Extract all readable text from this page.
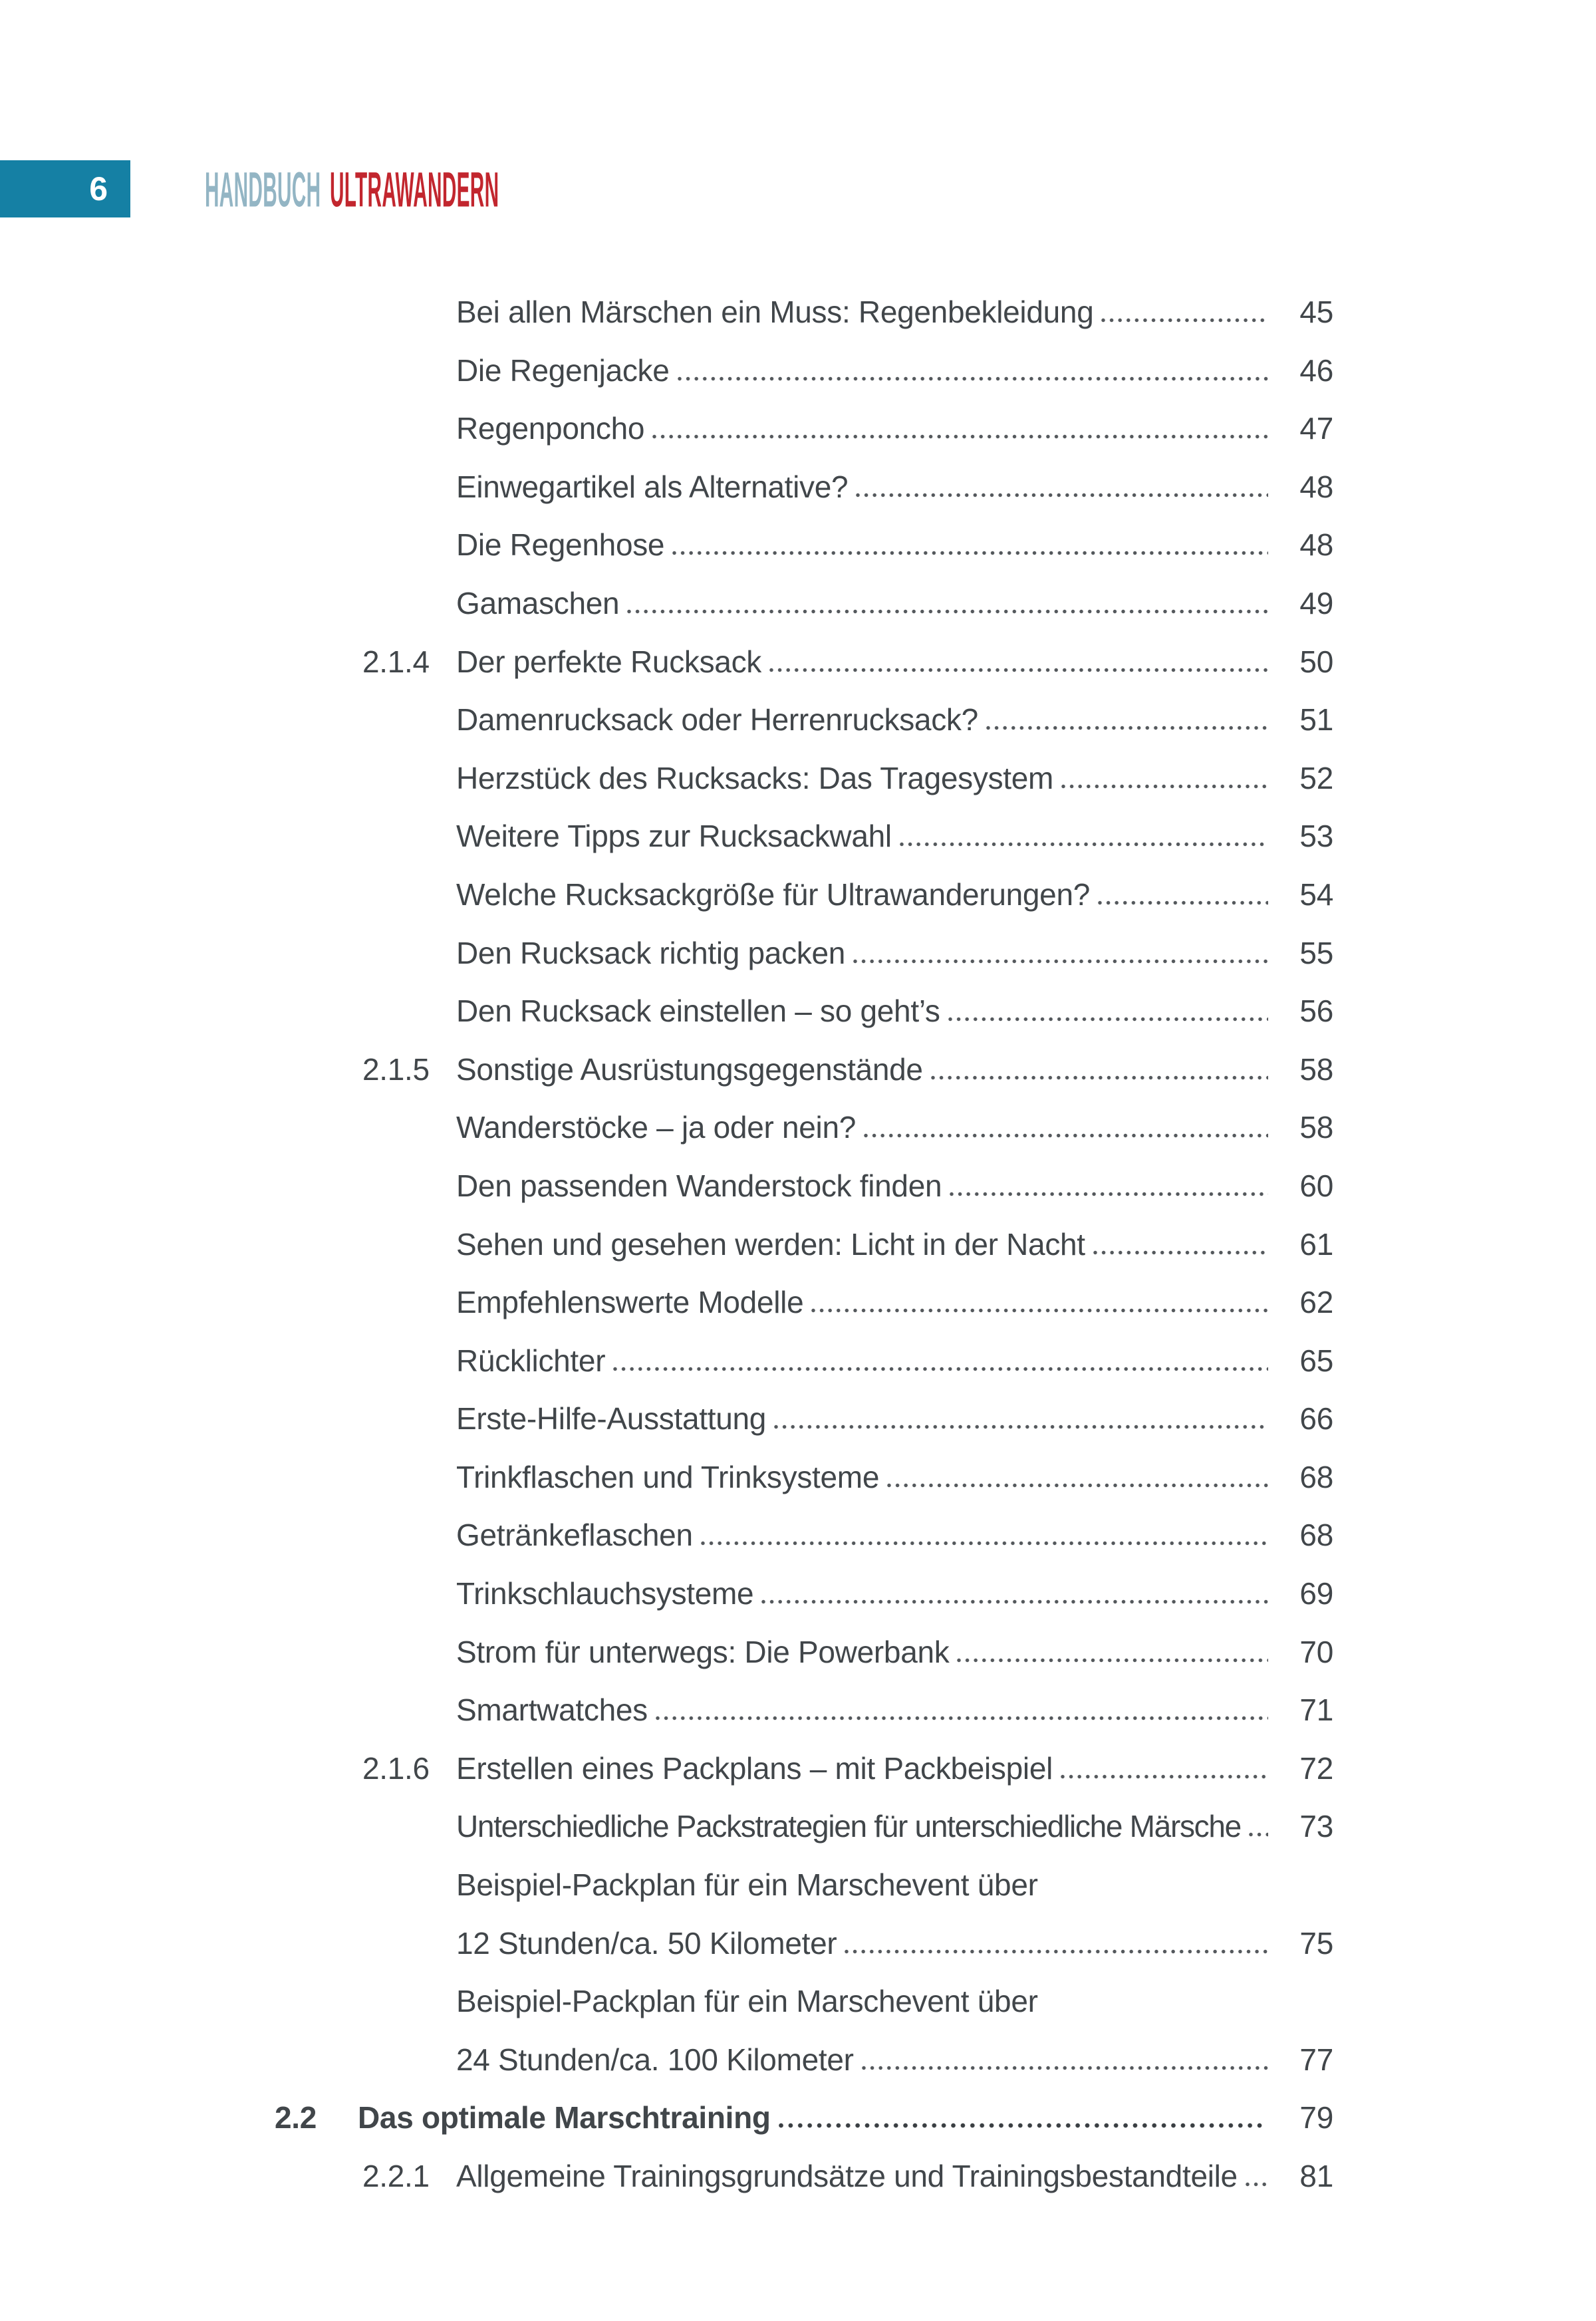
6	HANDBUCH ULTRAWANDERN
Bei allen Märschen ein Muss: Regenbekleidung	45
Die Regenjacke	46
Regenponcho	47
Einwegartikel als Alternative?	48
Die Regenhose	48
Gamaschen	49
2.1.4 Der perfekte Rucksack	50
Damenrucksack oder Herrenrucksack?	51
Herzstück des Rucksacks: Das Tragesystem	52
Weitere Tipps zur Rucksackwahl	53
Welche Rucksackgröße für Ultrawanderungen?	54
Den Rucksack richtig packen	55
Den Rucksack einstellen – so geht’s	56
2.1.5 Sonstige Ausrüstungsgegenstände	58
Wanderstöcke – ja oder nein?	58
Den passenden Wanderstock finden	60
Sehen und gesehen werden: Licht in der Nacht	61
Empfehlenswerte Modelle	62
Rücklichter	65
Erste-Hilfe-Ausstattung	66
Trinkflaschen und Trinksysteme	68
Getränkeflaschen	68
Trinkschlauchsysteme	69
Strom für unterwegs: Die Powerbank	70
Smartwatches	71
2.1.6 Erstellen eines Packplans – mit Packbeispiel	72
Unterschiedliche Packstrategien für unterschiedliche Märsche	73
Beispiel-Packplan für ein Marschevent über
12 Stunden/ca. 50 Kilometer	75
Beispiel-Packplan für ein Marschevent über
24 Stunden/ca. 100 Kilometer	77
2.2	Das optimale Marschtraining	79
2.2.1 Allgemeine Trainingsgrundsätze und Trainingsbestandteile	81
